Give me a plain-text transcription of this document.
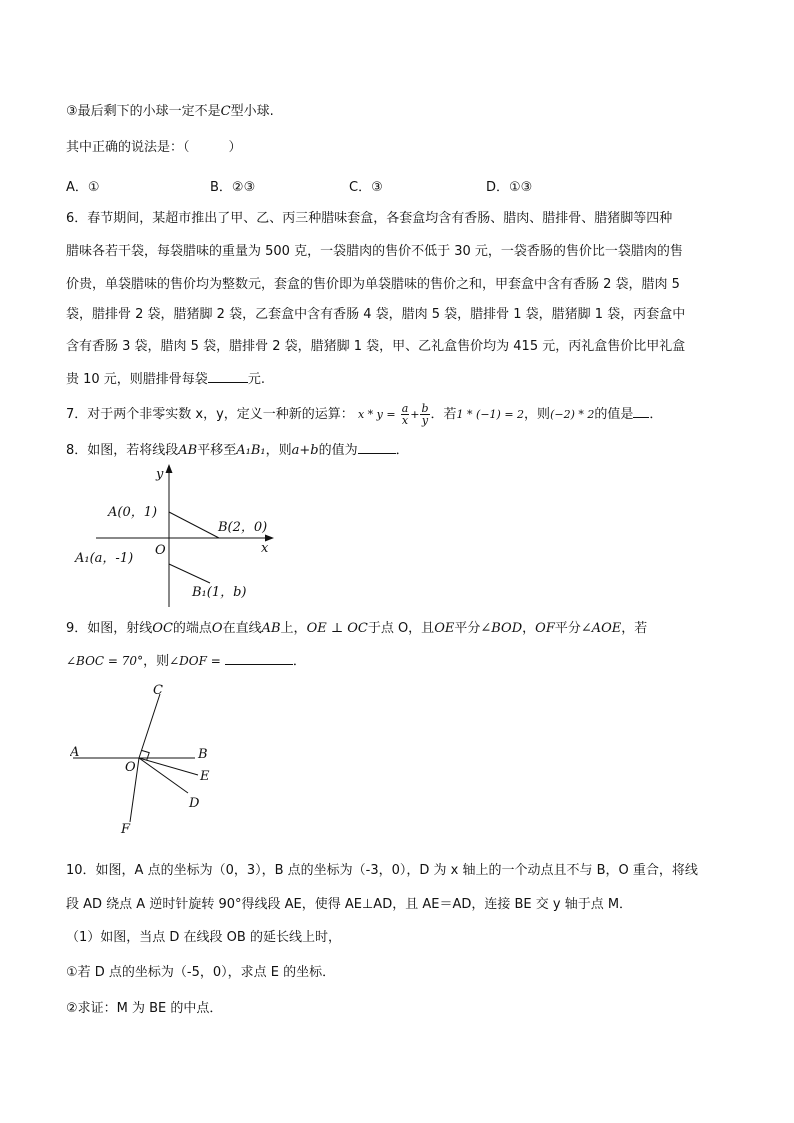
③最后剩下的小球一定不是C型小球.
其中正确的说法是：（　　　）
A．①	B．②③	C．③	D．①③
6．春节期间，某超市推出了甲、乙、丙三种腊味套盒，各套盒均含有香肠、腊肉、腊排骨、腊猪脚等四种
腊味各若干袋，每袋腊味的重量为 500 克，一袋腊肉的售价不低于 30 元，一袋香肠的售价比一袋腊肉的售
价贵，单袋腊味的售价均为整数元，套盒的售价即为单袋腊味的售价之和，甲套盒中含有香肠 2 袋，腊肉 5
袋，腊排骨 2 袋，腊猪脚 2 袋，乙套盒中含有香肠 4 袋，腊肉 5 袋，腊排骨 1 袋，腊猪脚 1 袋，丙套盒中
含有香肠 3 袋，腊肉 5 袋，腊排骨 2 袋，腊猪脚 1 袋，甲、乙礼盒售价均为 415 元，丙礼盒售价比甲礼盒
贵 10 元，则腊排骨每袋	元.
7．对于两个非零实数 x，y，定义一种新的运算： $x * y = \frac{a}{x} + \frac{b}{y}$ ．若1 * (−1) = 2，则(−2) * 2的值是 ．
8．如图，若将线段AB平移至A₁B₁，则a+b的值为	．
y
x
O
A(0，1)
B(2，0)
A₁(a，-1)
B₁(1，b)
9．如图，射线OC的端点O在直线AB上，OE ⊥ OC于点 O，且OE平分∠BOD，OF平分∠AOE，若
∠BOC = 70°，则∠DOF =	．
A	B
C
O
E
D
F
10．如图，A 点的坐标为（0，3），B 点的坐标为（-3，0），D 为 x 轴上的一个动点且不与 B，O 重合，将线
段 AD 绕点 A 逆时针旋转 90°得线段 AE，使得 AE⊥AD，且 AE＝AD，连接 BE 交 y 轴于点 M．
（1）如图，当点 D 在线段 OB 的延长线上时，
①若 D 点的坐标为（-5，0），求点 E 的坐标．
②求证：M 为 BE 的中点．
